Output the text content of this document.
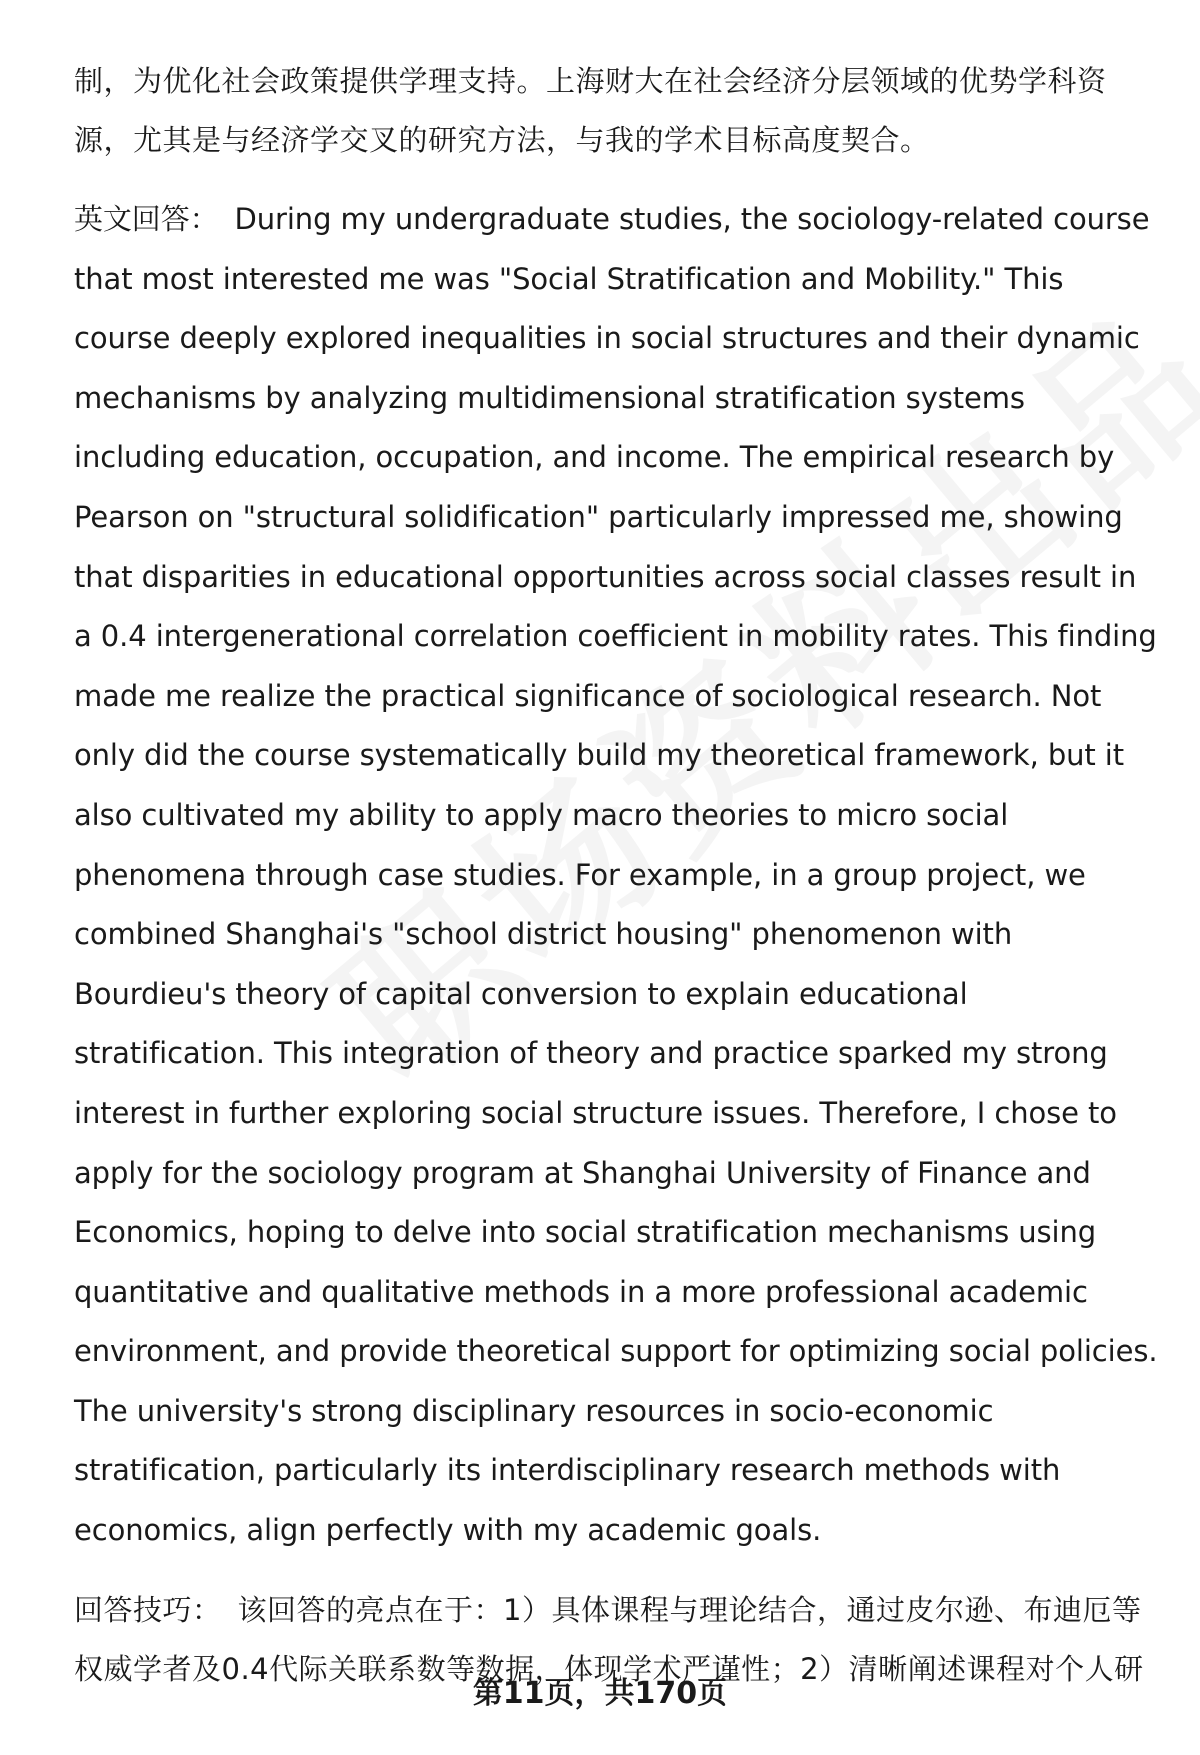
制，为优化社会政策提供学理支持。上海财大在社会经济分层领域的优势学科资源，尤其是与经济学交叉的研究方法，与我的学术目标高度契合。

英文回答： During my undergraduate studies, the sociology-related course that most interested me was "Social Stratification and Mobility." This course deeply explored inequalities in social structures and their dynamic mechanisms by analyzing multidimensional stratification systems including education, occupation, and income. The empirical research by Pearson on "structural solidification" particularly impressed me, showing that disparities in educational opportunities across social classes result in a 0.4 intergenerational correlation coefficient in mobility rates. This finding made me realize the practical significance of sociological research. Not only did the course systematically build my theoretical framework, but it also cultivated my ability to apply macro theories to micro social phenomena through case studies. For example, in a group project, we combined Shanghai's "school district housing" phenomenon with Bourdieu's theory of capital conversion to explain educational stratification. This integration of theory and practice sparked my strong interest in further exploring social structure issues. Therefore, I chose to apply for the sociology program at Shanghai University of Finance and Economics, hoping to delve into social stratification mechanisms using quantitative and qualitative methods in a more professional academic environment, and provide theoretical support for optimizing social policies. The university's strong disciplinary resources in socio-economic stratification, particularly its interdisciplinary research methods with economics, align perfectly with my academic goals.

回答技巧： 该回答的亮点在于：1）具体课程与理论结合，通过皮尔逊、布迪厄等权威学者及0.4代际关联系数等数据，体现学术严谨性；2）清晰阐述课程对个人研

第11页，共170页
